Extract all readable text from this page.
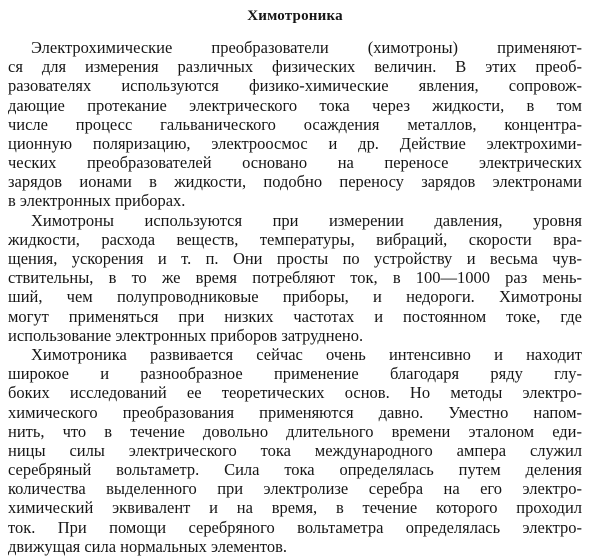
Химотроника
Электрохимические преобразователи (химотроны) применяют-
ся для измерения различных физических величин. В этих преоб-
разователях используются физико-химические явления, сопровож-
дающие протекание электрического тока через жидкости, в том
числе процесс гальванического осаждения металлов, концентра-
ционную поляризацию, электроосмос и др. Действие электрохими-
ческих преобразователей основано на переносе электрических
зарядов ионами в жидкости, подобно переносу зарядов электронами
в электронных приборах.
Химотроны используются при измерении давления, уровня
жидкости, расхода веществ, температуры, вибраций, скорости вра-
щения, ускорения и т. п. Они просты по устройству и весьма чув-
ствительны, в то же время потребляют ток, в 100—1000 раз мень-
ший, чем полупроводниковые приборы, и недороги. Химотроны
могут применяться при низких частотах и постоянном токе, где
использование электронных приборов затруднено.
Химотроника развивается сейчас очень интенсивно и находит
широкое и разнообразное применение благодаря ряду глу-
боких исследований ее теоретических основ. Но методы электро-
химического преобразования применяются давно. Уместно напом-
нить, что в течение довольно длительного времени эталоном еди-
ницы силы электрического тока международного ампера служил
серебряный вольтаметр. Сила тока определялась путем деления
количества выделенного при электролизе серебра на его электро-
химический эквивалент и на время, в течение которого проходил
ток. При помощи серебряного вольтаметра определялась электро-
движущая сила нормальных элементов.
